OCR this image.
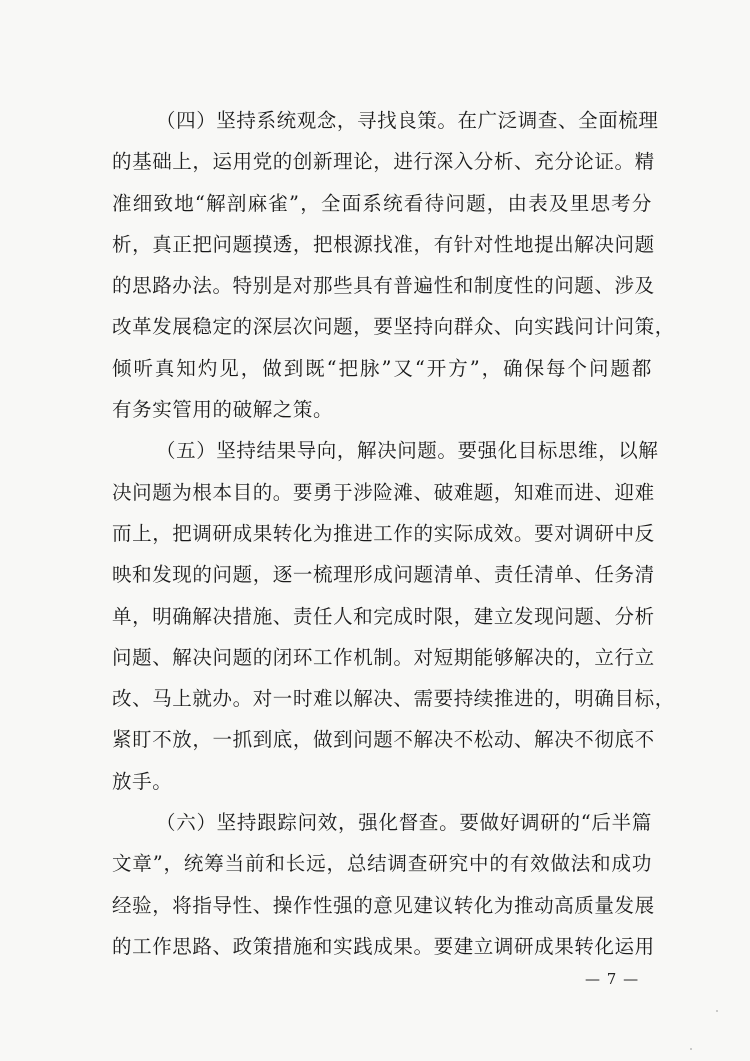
（四）坚持系统观念，寻找良策。在广泛调查、全面梳理
的基础上，运用党的创新理论，进行深入分析、充分论证。精
准细致地“解剖麻雀”，全面系统看待问题，由表及里思考分
析，真正把问题摸透，把根源找准，有针对性地提出解决问题
的思路办法。特别是对那些具有普遍性和制度性的问题、涉及
改革发展稳定的深层次问题，要坚持向群众、向实践问计问策，
倾听真知灼见，做到既“把脉”又“开方”，确保每个问题都
有务实管用的破解之策。
（五）坚持结果导向，解决问题。要强化目标思维，以解
决问题为根本目的。要勇于涉险滩、破难题，知难而进、迎难
而上，把调研成果转化为推进工作的实际成效。要对调研中反
映和发现的问题，逐一梳理形成问题清单、责任清单、任务清
单，明确解决措施、责任人和完成时限，建立发现问题、分析
问题、解决问题的闭环工作机制。对短期能够解决的，立行立
改、马上就办。对一时难以解决、需要持续推进的，明确目标，
紧盯不放，一抓到底，做到问题不解决不松动、解决不彻底不
放手。
（六）坚持跟踪问效，强化督查。要做好调研的“后半篇
文章”，统筹当前和长远，总结调查研究中的有效做法和成功
经验，将指导性、操作性强的意见建议转化为推动高质量发展
的工作思路、政策措施和实践成果。要建立调研成果转化运用
— 7 —
